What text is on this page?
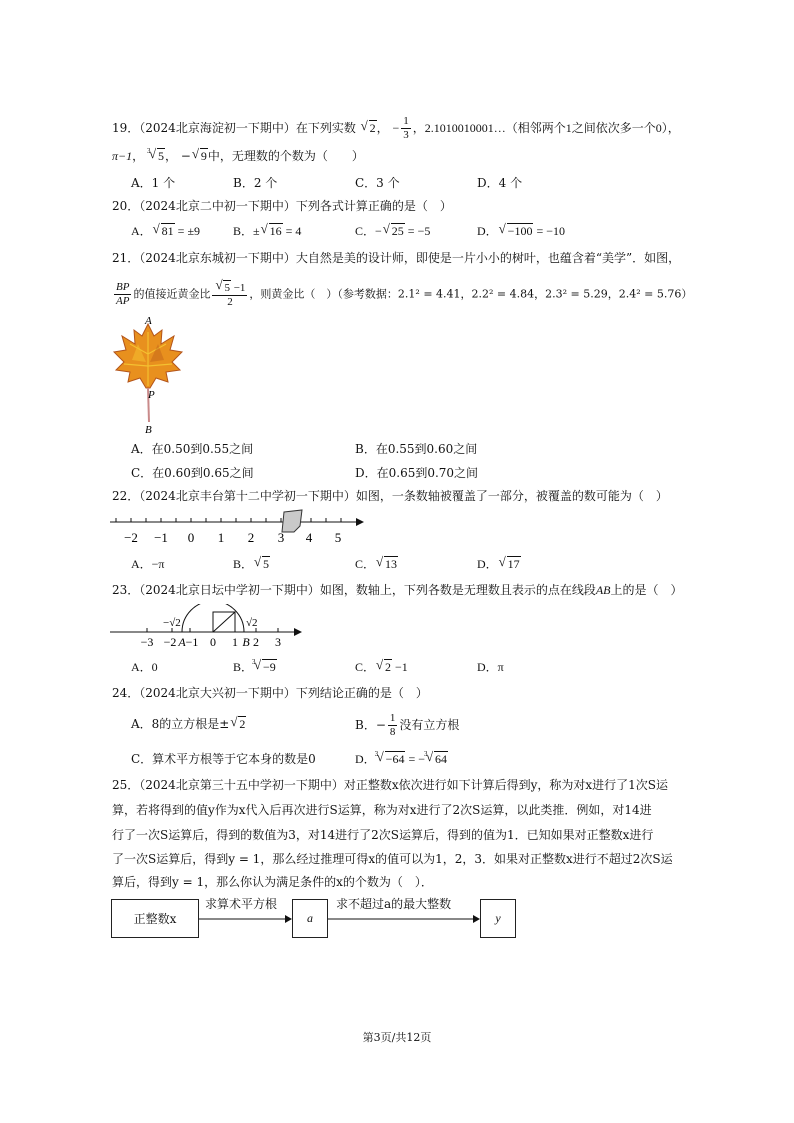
19．（2024北京海淀初一下期中）在下列实数 √ 2， − $\frac{1}{3}$ ，2.1010010001…（相邻两个1之间依次多一个0），
π−1， √ 3 5， − √ 9中，无理数的个数为（　　）
A．1 个	B．2 个	C．3 个	D．4 个
20．（2024北京二中初一下期中）下列各式计算正确的是（　）
A． √ 81 = ±9	B．± √ 16 = 4	C．− √ 25 = −5	D． √ −100 = −10
21．（2024北京东城初一下期中）大自然是美的设计师，即使是一片小小的树叶，也蕴含着“美学”．如图，
$\frac{BP}{AP}$ 的值接近黄金比 √ $\frac{5 -1}{2}$ ，则黄金比（　）（参考数据：2.1² = 4.41，2.2² = 4.84，2.3² = 5.29，2.4² = 5.76）
A
P
B
A．在0.50到0.55之间	B．在0.55到0.60之间
C．在0.60到0.65之间	D．在0.65到0.70之间
22．（2024北京丰台第十二中学初一下期中）如图，一条数轴被覆盖了一部分，被覆盖的数可能为（　）
−2 −1 0 1 2 3 4 5
A．−π	B． √ 5	C． √ 13	D． √ 17
23．（2024北京日坛中学初一下期中）如图，数轴上，下列各数是无理数且表示的点在线段AB上的是（　）
−√2	√2
−3 −2 A −1 0 1 B 2 3
A．0	B． √ 3 −9	C． √ 2 −1	D．π
24．（2024北京大兴初一下期中）下列结论正确的是（　）
A．8的立方根是± √ 2	B．− $\frac{1}{8}$ 没有立方根
C．算术平方根等于它本身的数是0	D． √ 3 −64 = − √ 3 64
25．（2024北京第三十五中学初一下期中）对正整数x依次进行如下计算后得到y，称为对x进行了1次S运
算，若将得到的值y作为x代入后再次进行S运算，称为对x进行了2次S运算，以此类推．例如，对14进
行了一次S运算后，得到的数值为3，对14进行了2次S运算后，得到的值为1．已知如果对正整数x进行
了一次S运算后，得到y = 1，那么经过推理可得x的值可以为1，2，3．如果对正整数x进行不超过2次S运
算后，得到y = 1，那么你认为满足条件的x的个数为（　）．
正整数x	a	y
求算术平方根	求不超过a的最大整数
第3页/共12页
